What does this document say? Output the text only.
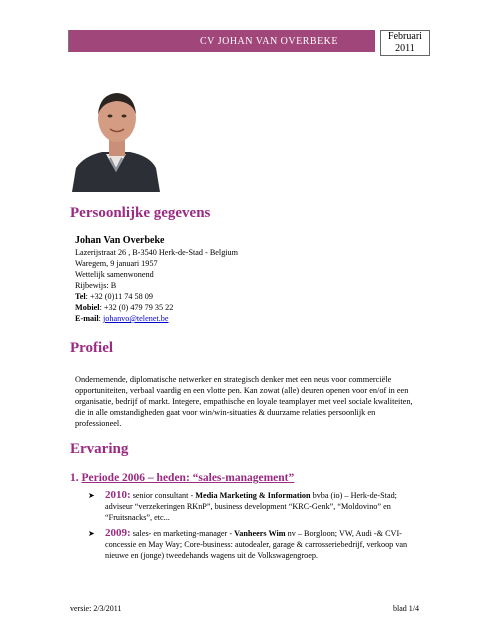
CV JOHAN VAN OVERBEKE	Februari
2011
Persoonlijke gegevens
Johan Van Overbeke
Lazerijstraat 26 , B-3540 Herk-de-Stad - Belgium
Waregem, 9 januari 1957
Wettelijk samenwonend
Rijbewijs: B
Tel: +32 (0)11 74 58 09
Mobiel: +32 (0) 479 79 35 22
E-mail: johanvo@telenet.be
Profiel
Ondernemende, diplomatische netwerker en strategisch denker met een neus voor commerciële opportuniteiten, verbaal vaardig en een vlotte pen. Kan zowat (alle) deuren openen voor en/of in een organisatie, bedrijf of markt. Integere, empathische en loyale teamplayer met veel sociale kwaliteiten, die in alle omstandigheden gaat voor win/win-situaties & duurzame relaties persoonlijk en professioneel.
Ervaring
1. Periode 2006 – heden: “sales-management”
➤ 2010: senior consultant - Media Marketing & Information bvba (io) – Herk-de-Stad; adviseur “verzekeringen RKnP”, business development “KRC-Genk”, “Moldovino” en “Fruitsnacks”, etc...
➤ 2009: sales- en marketing-manager - Vanheers Wim nv – Borgloon; VW, Audi -& CVI-concessie en May Way; Core-business: autodealer, garage & carrosseriebedrijf, verkoop van nieuwe en (jonge) tweedehands wagens uit de Volkswagengroep.
versie: 2/3/2011	blad 1/4
